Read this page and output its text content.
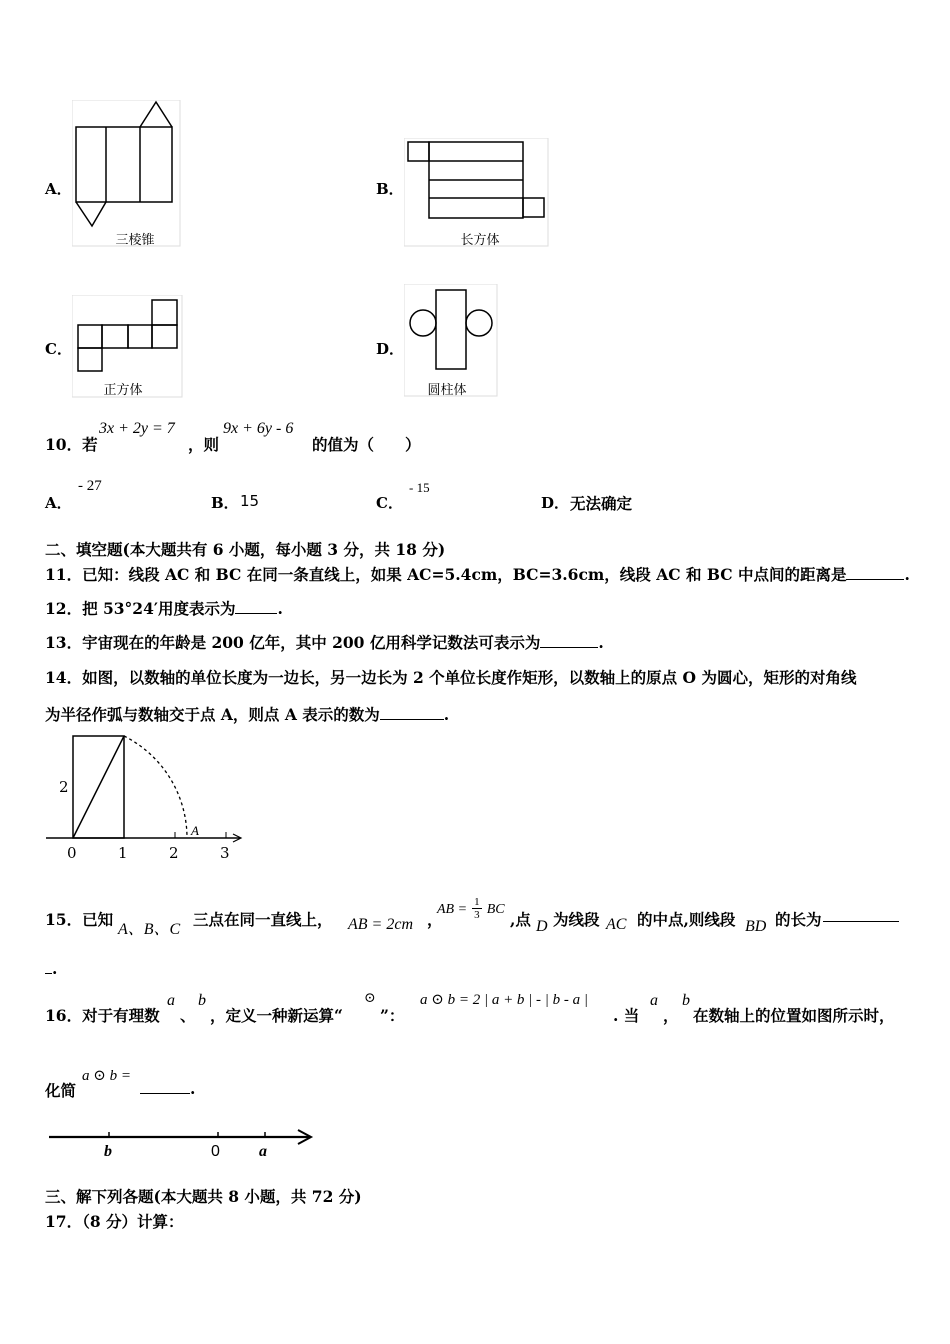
A．
三棱锥
B．
长方体
C．
正方体
D．
圆柱体
10．若
3x + 2y = 7
，则
9x + 6y - 6
的值为（　　）
A．
- 27
B． 15	C．
- 15
D． 无法确定
二、填空题(本大题共有 6 小题，每小题 3 分，共 18 分)
11．已知：线段 AC 和 BC 在同一条直线上，如果 AC=5.4cm，BC=3.6cm，线段 AC 和 BC 中点间的距离是	.
12．把 53°24′用度表示为	.
13．宇宙现在的年龄是 200 亿年，其中 200 亿用科学记数法可表示为	.
14．如图，以数轴的单位长度为一边长，另一边长为 2 个单位长度作矩形，以数轴上的原点 O 为圆心，矩形的对角线
为半径作弧与数轴交于点 A，则点 A 表示的数为	.
2
0	1	2	3
A
15．已知
A、B、C
三点在同一直线上， AB = 2cm ，
AB = $\frac{1}{3}$ BC
,点 D 为线段 AC 的中点,则线段 BD 的长为
.
16．对于有理数
a
、
b
，定义一种新运算“
⊙
”：
a ⊙ b = 2 | a + b | - | b - a |
. 当
a
，
b
在数轴上的位置如图所示时，
化简
a ⊙ b =
.
b	0 a
三、解下列各题(本大题共 8 小题，共 72 分)
17．（8 分）计算：
